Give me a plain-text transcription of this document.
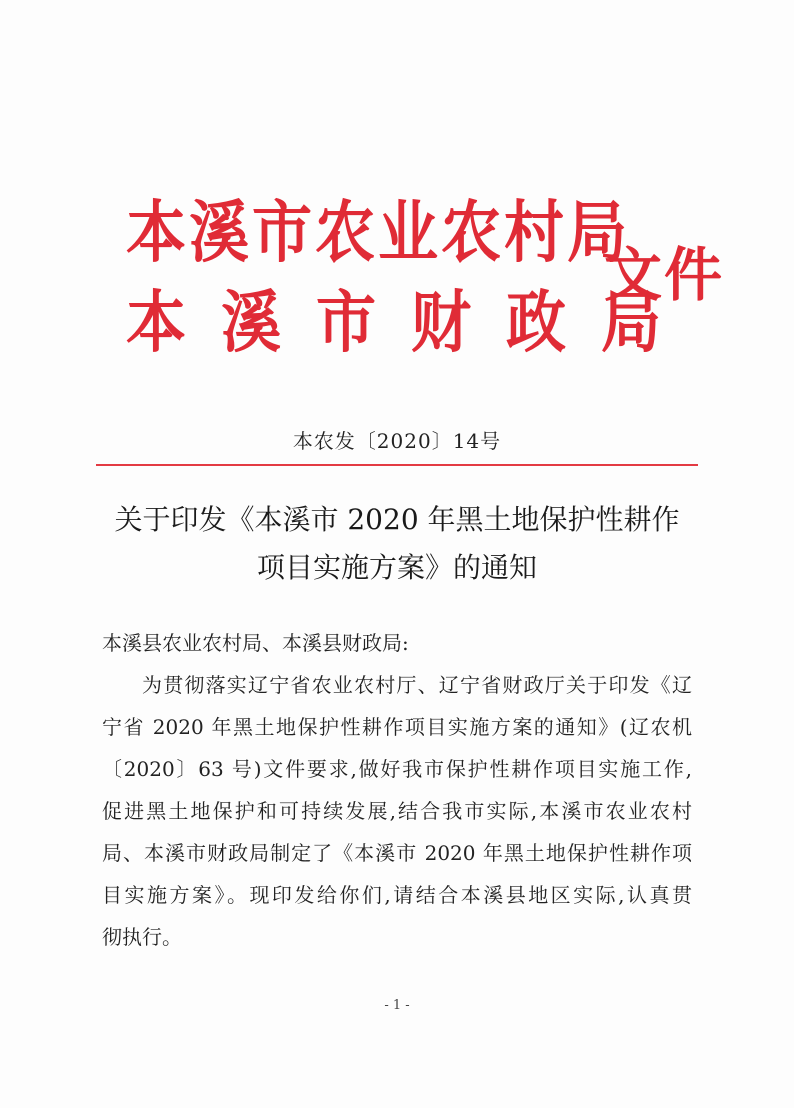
本溪市农业农村局
本溪市财政局
文件
本农发〔2020〕14号
关于印发《本溪市 2020 年黑土地保护性耕作
项目实施方案》的通知
本溪县农业农村局、本溪县财政局:
为贯彻落实辽宁省农业农村厅、辽宁省财政厅关于印发《辽
宁省 2020 年黑土地保护性耕作项目实施方案的通知》(辽农机
〔2020〕63 号)文件要求,做好我市保护性耕作项目实施工作,
促进黑土地保护和可持续发展,结合我市实际,本溪市农业农村
局、本溪市财政局制定了《本溪市 2020 年黑土地保护性耕作项
目实施方案》。现印发给你们,请结合本溪县地区实际,认真贯
彻执行。
- 1 -
